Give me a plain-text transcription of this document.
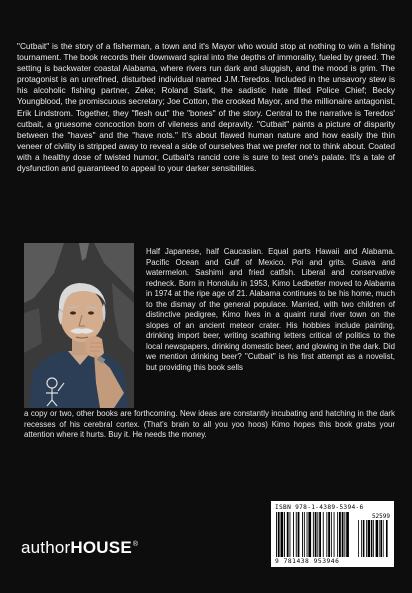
"Cutbait" is the story of a fisherman, a town and it's Mayor who would stop at nothing to win a fishing tournament. The book records their downward spiral into the depths of immorality, fueled by greed. The setting is backwater coastal Alabama, where rivers run dark and sluggish, and the mood is grim. The protagonist is an unrefined, disturbed individual named J.M.Teredos. Included in the unsavory stew is his alcoholic fishing partner, Zeke; Roland Stark, the sadistic hate filled Police Chief; Becky Youngblood, the promiscuous secretary; Joe Cotton, the crooked Mayor, and the millionaire antagonist, Erik Lindstrom. Together, they "flesh out" the "bones" of the story. Central to the narrative is Teredos' cutbait, a gruesome concoction born of vileness and depravity. "Cutbait" paints a picture of disparity between the "haves" and the "have nots." It's about flawed human nature and how easily the thin veneer of civility is stripped away to reveal a side of ourselves that we prefer not to think about. Coated with a healthy dose of twisted humor, Cutbait's rancid core is sure to test one's palate. It's a tale of dysfunction and guaranteed to appeal to your darker sensibilities.

Half Japanese, half Caucasian. Equal parts Hawaii and Alabama. Pacific Ocean and Gulf of Mexico. Poi and grits. Guava and watermelon. Sashimi and fried catfish. Liberal and conservative redneck. Born in Honolulu in 1953, Kimo Ledbetter moved to Alabama in 1974 at the ripe age of 21. Alabama continues to be his home, much to the dismay of the general populace. Married, with two children of distinctive pedigree, Kimo lives in a quaint rural river town on the slopes of an ancient meteor crater. His hobbies include painting, drinking import beer, writing scathing letters critical of politics to the local newspapers, drinking domestic beer, and glowing in the dark. Did we mention drinking beer? "Cutbait" is his first attempt as a novelist, but providing this book sells

a copy or two, other books are forthcoming. New ideas are constantly incubating and hatching in the dark recesses of his cerebral cortex. (That's brain to all you yoo hoos) Kimo hopes this book grabs your attention where it hurts. Buy it. He needs the money.

authorHOUSE®
ISBN 978-1-4389-5394-6
52599
9 781438 953946
